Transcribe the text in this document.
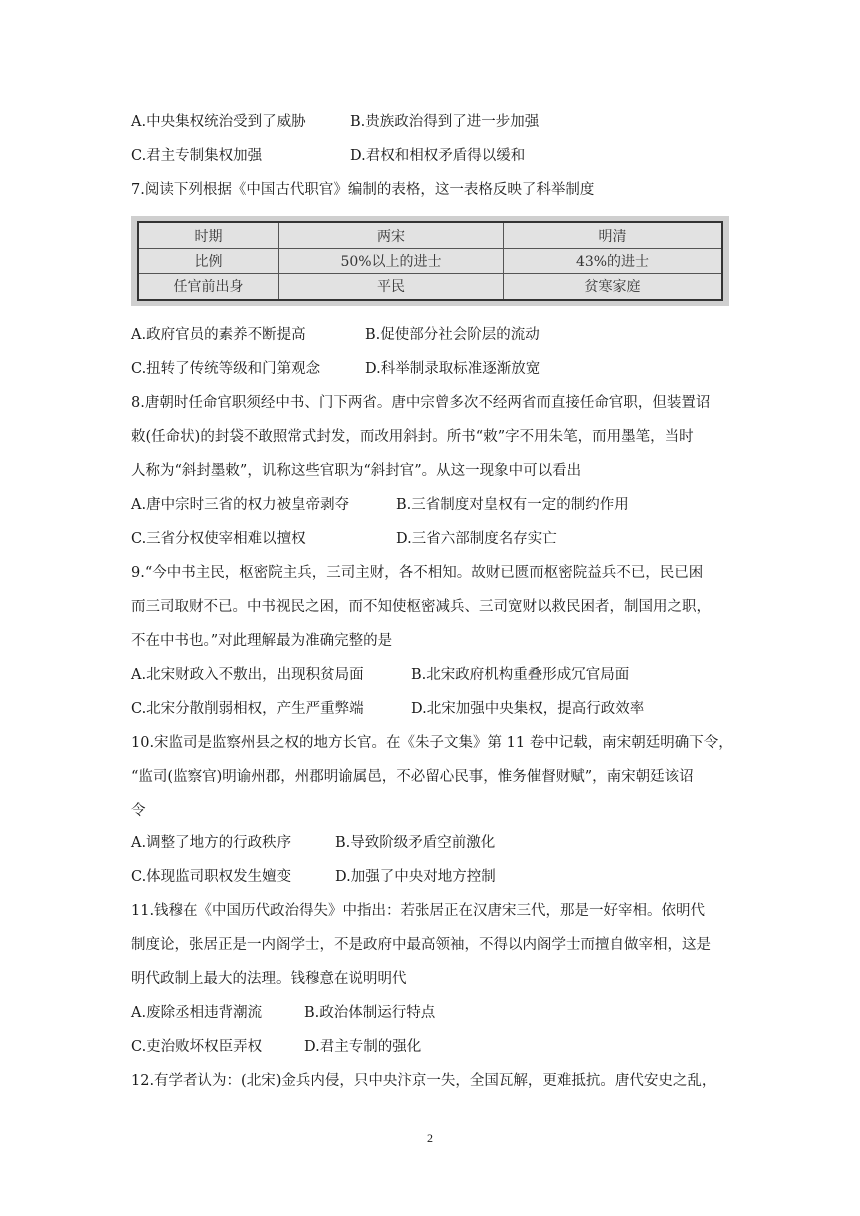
A.中央集权统治受到了威胁	B.贵族政治得到了进一步加强
C.君主专制集权加强	D.君权和相权矛盾得以缓和
7.阅读下列根据《中国古代职官》编制的表格，这一表格反映了科举制度
时期	两宋	明清
比例	50%以上的进士	43%的进士
任官前出身	平民	贫寒家庭
A.政府官员的素养不断提高	B.促使部分社会阶层的流动
C.扭转了传统等级和门第观念	D.科举制录取标准逐渐放宽
8.唐朝时任命官职须经中书、门下两省。唐中宗曾多次不经两省而直接任命官职，但装置诏
敕(任命状)的封袋不敢照常式封发，而改用斜封。所书“敕”字不用朱笔，而用墨笔，当时
人称为“斜封墨敕”，讥称这些官职为“斜封官”。从这一现象中可以看出
A.唐中宗时三省的权力被皇帝剥夺	B.三省制度对皇权有一定的制约作用
C.三省分权使宰相难以擅权	D.三省六部制度名存实亡
9.“今中书主民，枢密院主兵，三司主财，各不相知。故财已匮而枢密院益兵不已，民已困
而三司取财不已。中书视民之困，而不知使枢密减兵、三司宽财以救民困者，制国用之职，
不在中书也。”对此理解最为准确完整的是
A.北宋财政入不敷出，出现积贫局面	B.北宋政府机构重叠形成冗官局面
C.北宋分散削弱相权，产生严重弊端	D.北宋加强中央集权，提高行政效率
10.宋监司是监察州县之权的地方长官。在《朱子文集》第 11 卷中记载，南宋朝廷明确下令，
“监司(监察官)明谕州郡，州郡明谕属邑，不必留心民事，惟务催督财赋”，南宋朝廷该诏
令
A.调整了地方的行政秩序	B.导致阶级矛盾空前激化
C.体现监司职权发生嬗变	D.加强了中央对地方控制
11.钱穆在《中国历代政治得失》中指出：若张居正在汉唐宋三代，那是一好宰相。依明代
制度论，张居正是一内阁学士，不是政府中最高领袖，不得以内阁学士而擅自做宰相，这是
明代政制上最大的法理。钱穆意在说明明代
A.废除丞相违背潮流	B.政治体制运行特点
C.吏治败坏权臣弄权	D.君主专制的强化
12.有学者认为：(北宋)金兵内侵，只中央汴京一失，全国瓦解，更难抵抗。唐代安史之乱，
2
